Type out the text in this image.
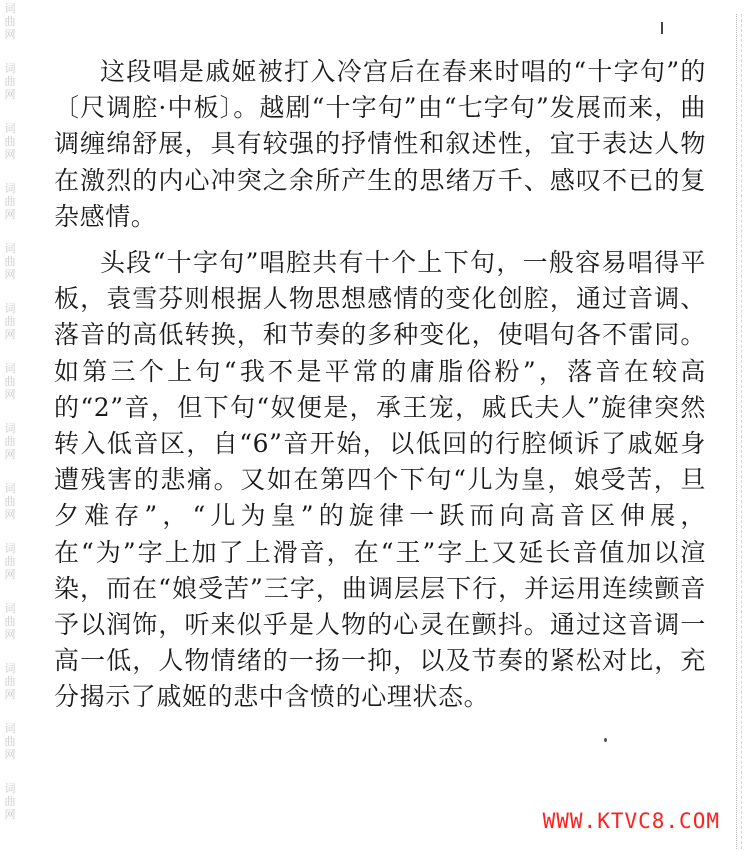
词
曲
网
词
曲
网
词
曲
网
词
曲
网
词
曲
网
词
曲
网
词
曲
网
词
曲
网
词
曲
网
词
曲
网
词
曲
网
词
曲
网
词
曲
网
词
曲
网

这段唱是戚姬被打入冷宫后在春来时唱的“十字句”的〔尺调腔·中板〕。越剧“十字句”由“七字句”发展而来，曲调缠绵舒展，具有较强的抒情性和叙述性，宜于表达人物在激烈的内心冲突之余所产生的思绪万千、感叹不已的复杂感情。

头段“十字句”唱腔共有十个上下句，一般容易唱得平板，袁雪芬则根据人物思想感情的变化创腔，通过音调、落音的高低转换，和节奏的多种变化，使唱句各不雷同。如第三个上句“我不是平常的庸脂俗粉”，落音在较高的“2”音，但下句“奴便是，承王宠，戚氏夫人”旋律突然转入低音区，自“6”音开始，以低回的行腔倾诉了戚姬身遭残害的悲痛。又如在第四个下句“儿为皇，娘受苦，旦夕难存”，“儿为皇”的旋律一跃而向高音区伸展，在“为”字上加了上滑音，在“王”字上又延长音值加以渲染，而在“娘受苦”三字，曲调层层下行，并运用连续颤音予以润饰，听来似乎是人物的心灵在颤抖。通过这音调一高一低，人物情绪的一扬一抑，以及节奏的紧松对比，充分揭示了戚姬的悲中含愤的心理状态。

WWW.KTVC8.COM
